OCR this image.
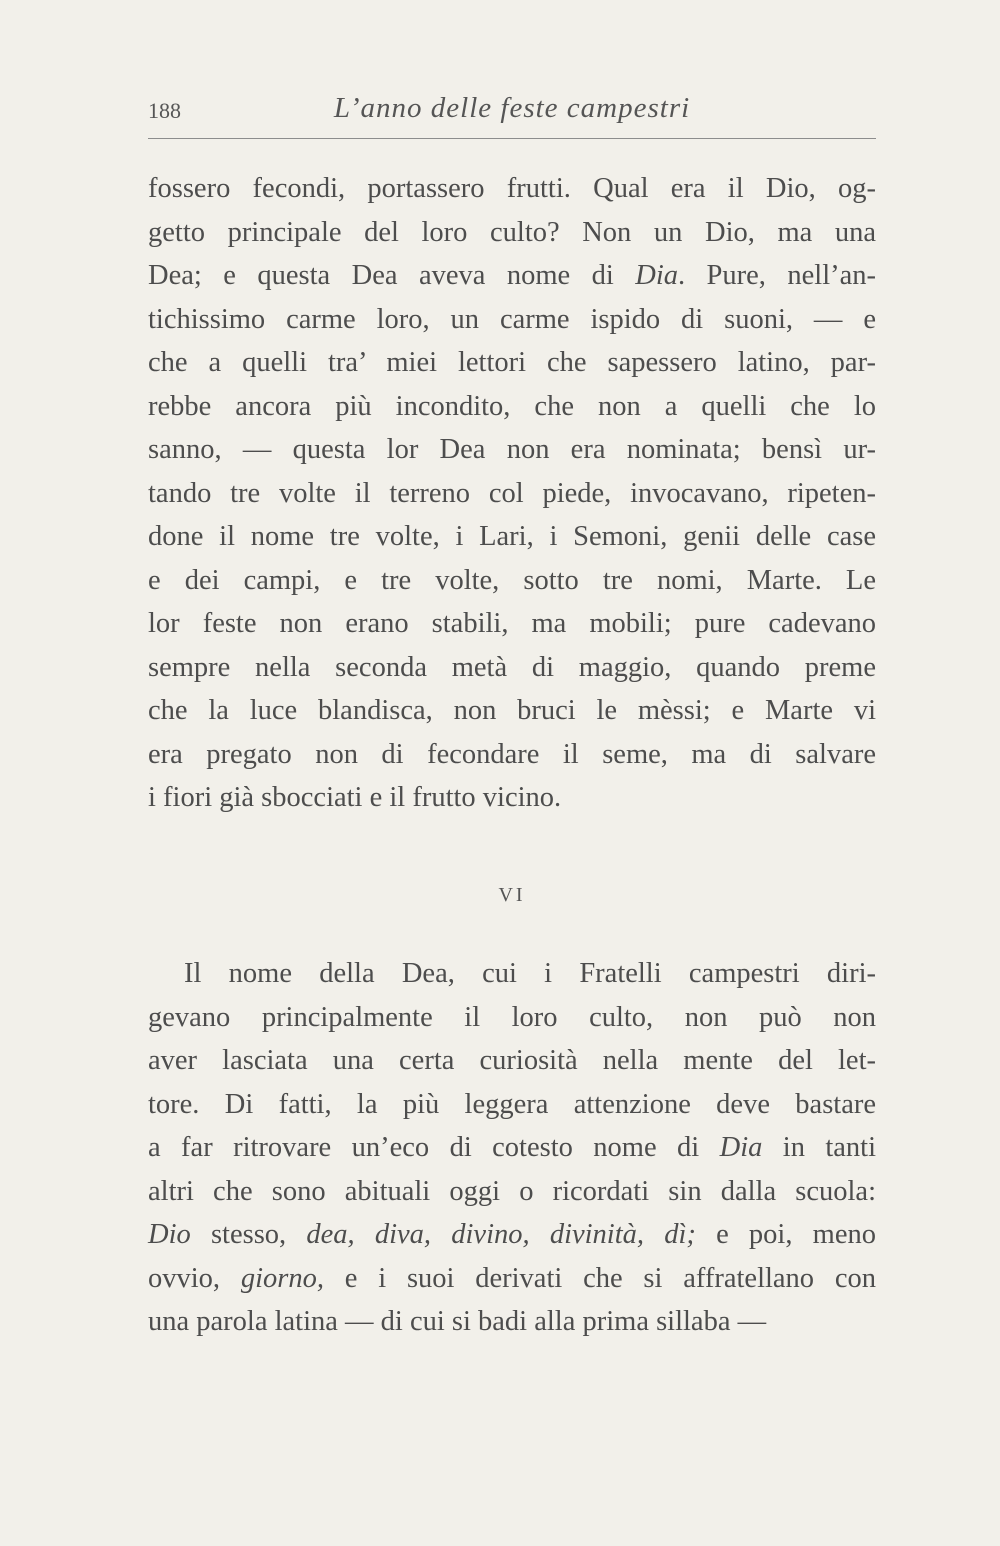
188	L’anno delle feste campestri
fossero fecondi, portassero frutti. Qual era il Dio, og-
getto principale del loro culto? Non un Dio, ma una
Dea; e questa Dea aveva nome di Dia. Pure, nell’an-
tichissimo carme loro, un carme ispido di suoni, — e
che a quelli tra’ miei lettori che sapessero latino, par-
rebbe ancora più incondito, che non a quelli che lo
sanno, — questa lor Dea non era nominata; bensì ur-
tando tre volte il terreno col piede, invocavano, ripeten-
done il nome tre volte, i Lari, i Semoni, genii delle case
e dei campi, e tre volte, sotto tre nomi, Marte. Le
lor feste non erano stabili, ma mobili; pure cadevano
sempre nella seconda metà di maggio, quando preme
che la luce blandisca, non bruci le mèssi; e Marte vi
era pregato non di fecondare il seme, ma di salvare
i fiori già sbocciati e il frutto vicino.
VI
Il nome della Dea, cui i Fratelli campestri diri-
gevano principalmente il loro culto, non può non
aver lasciata una certa curiosità nella mente del let-
tore. Di fatti, la più leggera attenzione deve bastare
a far ritrovare un’eco di cotesto nome di Dia in tanti
altri che sono abituali oggi o ricordati sin dalla scuola:
Dio stesso, dea, diva, divino, divinità, dì; e poi, meno
ovvio, giorno, e i suoi derivati che si affratellano con
una parola latina — di cui si badi alla prima sillaba —
